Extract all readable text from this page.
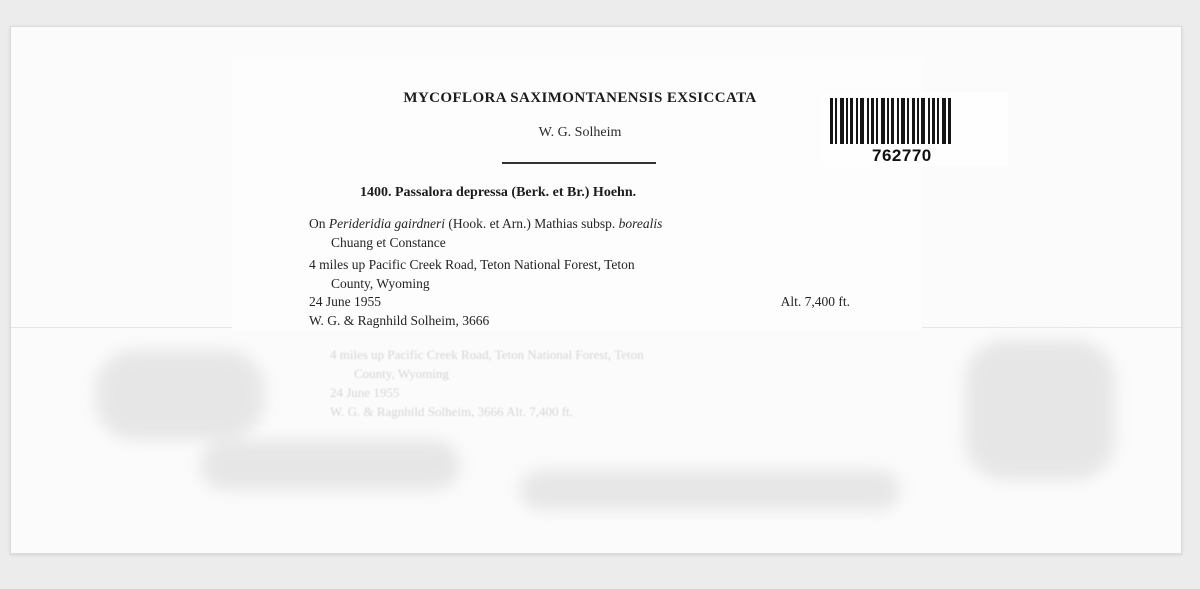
4 miles up Pacific Creek Road, Teton National Forest, Teton
County, Wyoming
24 June 1955
W. G. & Ragnhild Solheim, 3666 Alt. 7,400 ft.
MYCOFLORA SAXIMONTANENSIS EXSICCATA
W. G. Solheim
1400. Passalora depressa (Berk. et Br.) Hoehn.
On Perideridia gairdneri (Hook. et Arn.) Mathias subsp. borealis
Chuang et Constance
4 miles up Pacific Creek Road, Teton National Forest, Teton
County, Wyoming
24 June 1955	Alt. 7,400 ft.
W. G. & Ragnhild Solheim, 3666
762770
